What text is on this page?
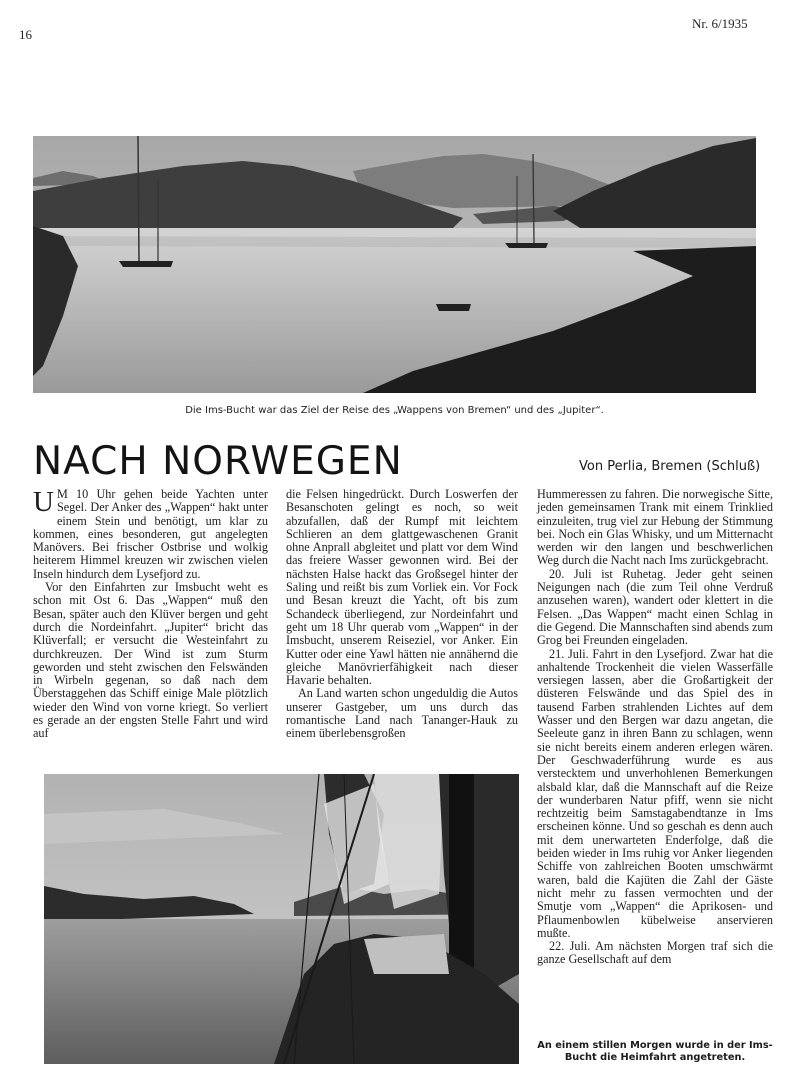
16
Nr. 6/1935
Die Ims-Bucht war das Ziel der Reise des „Wappens von Bremen“ und des „Jupiter“.
NACH NORWEGEN	Von Perlia, Bremen (Schluß)
U M 10 Uhr gehen beide Yachten unter Segel. Der Anker des „Wappen“ hakt unter einem Stein und benötigt, um klar zu kommen, eines besonderen, gut angelegten Manövers. Bei frischer Ostbrise und wolkig heiterem Himmel kreuzen wir zwischen vielen Inseln hindurch dem Lysefjord zu.

Vor den Einfahrten zur Imsbucht weht es schon mit Ost 6. Das „Wappen“ muß den Besan, später auch den Klüver bergen und geht durch die Nordeinfahrt. „Jupiter“ bricht das Klüverfall; er versucht die Westeinfahrt zu durchkreuzen. Der Wind ist zum Sturm geworden und steht zwischen den Felswänden in Wirbeln gegenan, so daß nach dem Überstaggehen das Schiff einige Male plötzlich wieder den Wind von vorne kriegt. So verliert es gerade an der engsten Stelle Fahrt und wird auf

die Felsen hingedrückt. Durch Loswerfen der Besanschoten gelingt es noch, so weit abzufallen, daß der Rumpf mit leichtem Schlieren an dem glattgewaschenen Granit ohne Anprall abgleitet und platt vor dem Wind das freiere Wasser gewonnen wird. Bei der nächsten Halse hackt das Großsegel hinter der Saling und reißt bis zum Vorliek ein. Vor Fock und Besan kreuzt die Yacht, oft bis zum Schandeck überliegend, zur Nordeinfahrt und geht um 18 Uhr querab vom „Wappen“ in der Imsbucht, unserem Reiseziel, vor Anker. Ein Kutter oder eine Yawl hätten nie annähernd die gleiche Manövrierfähigkeit nach dieser Havarie behalten.

An Land warten schon ungeduldig die Autos unserer Gastgeber, um uns durch das romantische Land nach Tananger-Hauk zu einem überlebensgroßen

Hummeressen zu fahren. Die norwegische Sitte, jeden gemeinsamen Trank mit einem Trinklied einzuleiten, trug viel zur Hebung der Stimmung bei. Noch ein Glas Whisky, und um Mitternacht werden wir den langen und beschwerlichen Weg durch die Nacht nach Ims zurückgebracht.

20. Juli ist Ruhetag. Jeder geht seinen Neigungen nach (die zum Teil ohne Verdruß anzusehen waren), wandert oder klettert in die Felsen. „Das Wappen“ macht einen Schlag in die Gegend. Die Mannschaften sind abends zum Grog bei Freunden eingeladen.

21. Juli. Fahrt in den Lysefjord. Zwar hat die anhaltende Trockenheit die vielen Wasserfälle versiegen lassen, aber die Großartigkeit der düsteren Felswände und das Spiel des in tausend Farben strahlenden Lichtes auf dem Wasser und den Bergen war dazu angetan, die Seeleute ganz in ihren Bann zu schlagen, wenn sie nicht bereits einem anderen erlegen wären. Der Geschwaderführung wurde es aus verstecktem und unverhohlenen Bemerkungen alsbald klar, daß die Mannschaft auf die Reize der wunderbaren Natur pfiff, wenn sie nicht rechtzeitig beim Samstagabendtanze in Ims erscheinen könne. Und so geschah es denn auch mit dem unerwarteten Enderfolge, daß die beiden wieder in Ims ruhig vor Anker liegenden Schiffe von zahlreichen Booten umschwärmt waren, bald die Kajüten die Zahl der Gäste nicht mehr zu fassen vermochten und der Smutje vom „Wappen“ die Aprikosen- und Pflaumenbowlen kübelweise anservieren mußte.

22. Juli. Am nächsten Morgen traf sich die ganze Gesellschaft auf dem

An einem stillen Morgen wurde in der Ims-Bucht die Heimfahrt angetreten.
